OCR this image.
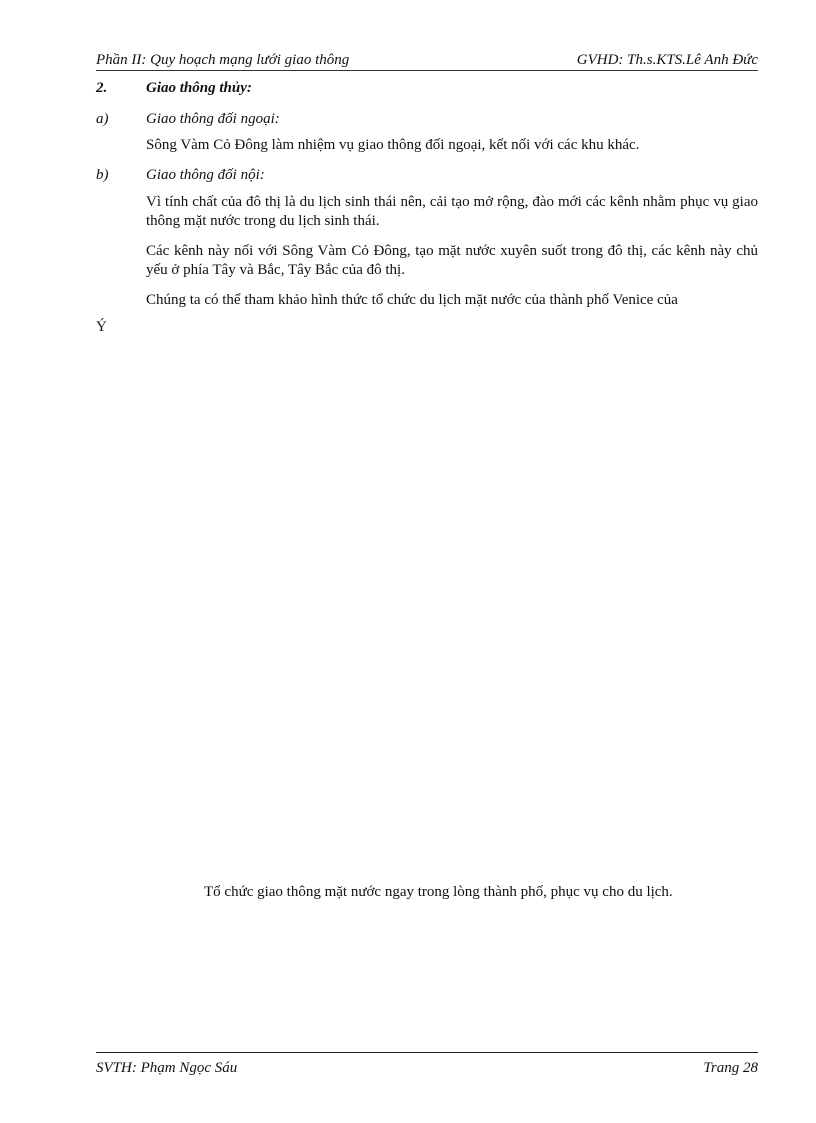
Phần II: Quy hoạch mạng lưới giao thông	GVHD: Th.s.KTS.Lê Anh Đức
2.	Giao thông thủy:
a)	Giao thông đối ngoại:
Sông Vàm Cỏ Đông làm nhiệm vụ giao thông đối ngoại, kết nối với các khu khác.
b)	Giao thông đối nội:
Vì tính chất của đô thị là du lịch sinh thái nên, cải tạo mở rộng, đào mới các kênh nhằm phục vụ giao thông mặt nước trong du lịch sinh thái.
Các kênh này nối với Sông Vàm Cỏ Đông, tạo mặt nước xuyên suốt trong đô thị, các kênh này chủ yếu ở phía Tây và Bắc, Tây Bắc của đô thị.
Chúng ta có thể tham khảo hình thức tổ chức du lịch mặt nước của thành phố Venice của
Ý
Tổ chức giao thông mặt nước ngay trong lòng thành phố, phục vụ cho du lịch.
SVTH: Phạm Ngọc Sáu	Trang 28
